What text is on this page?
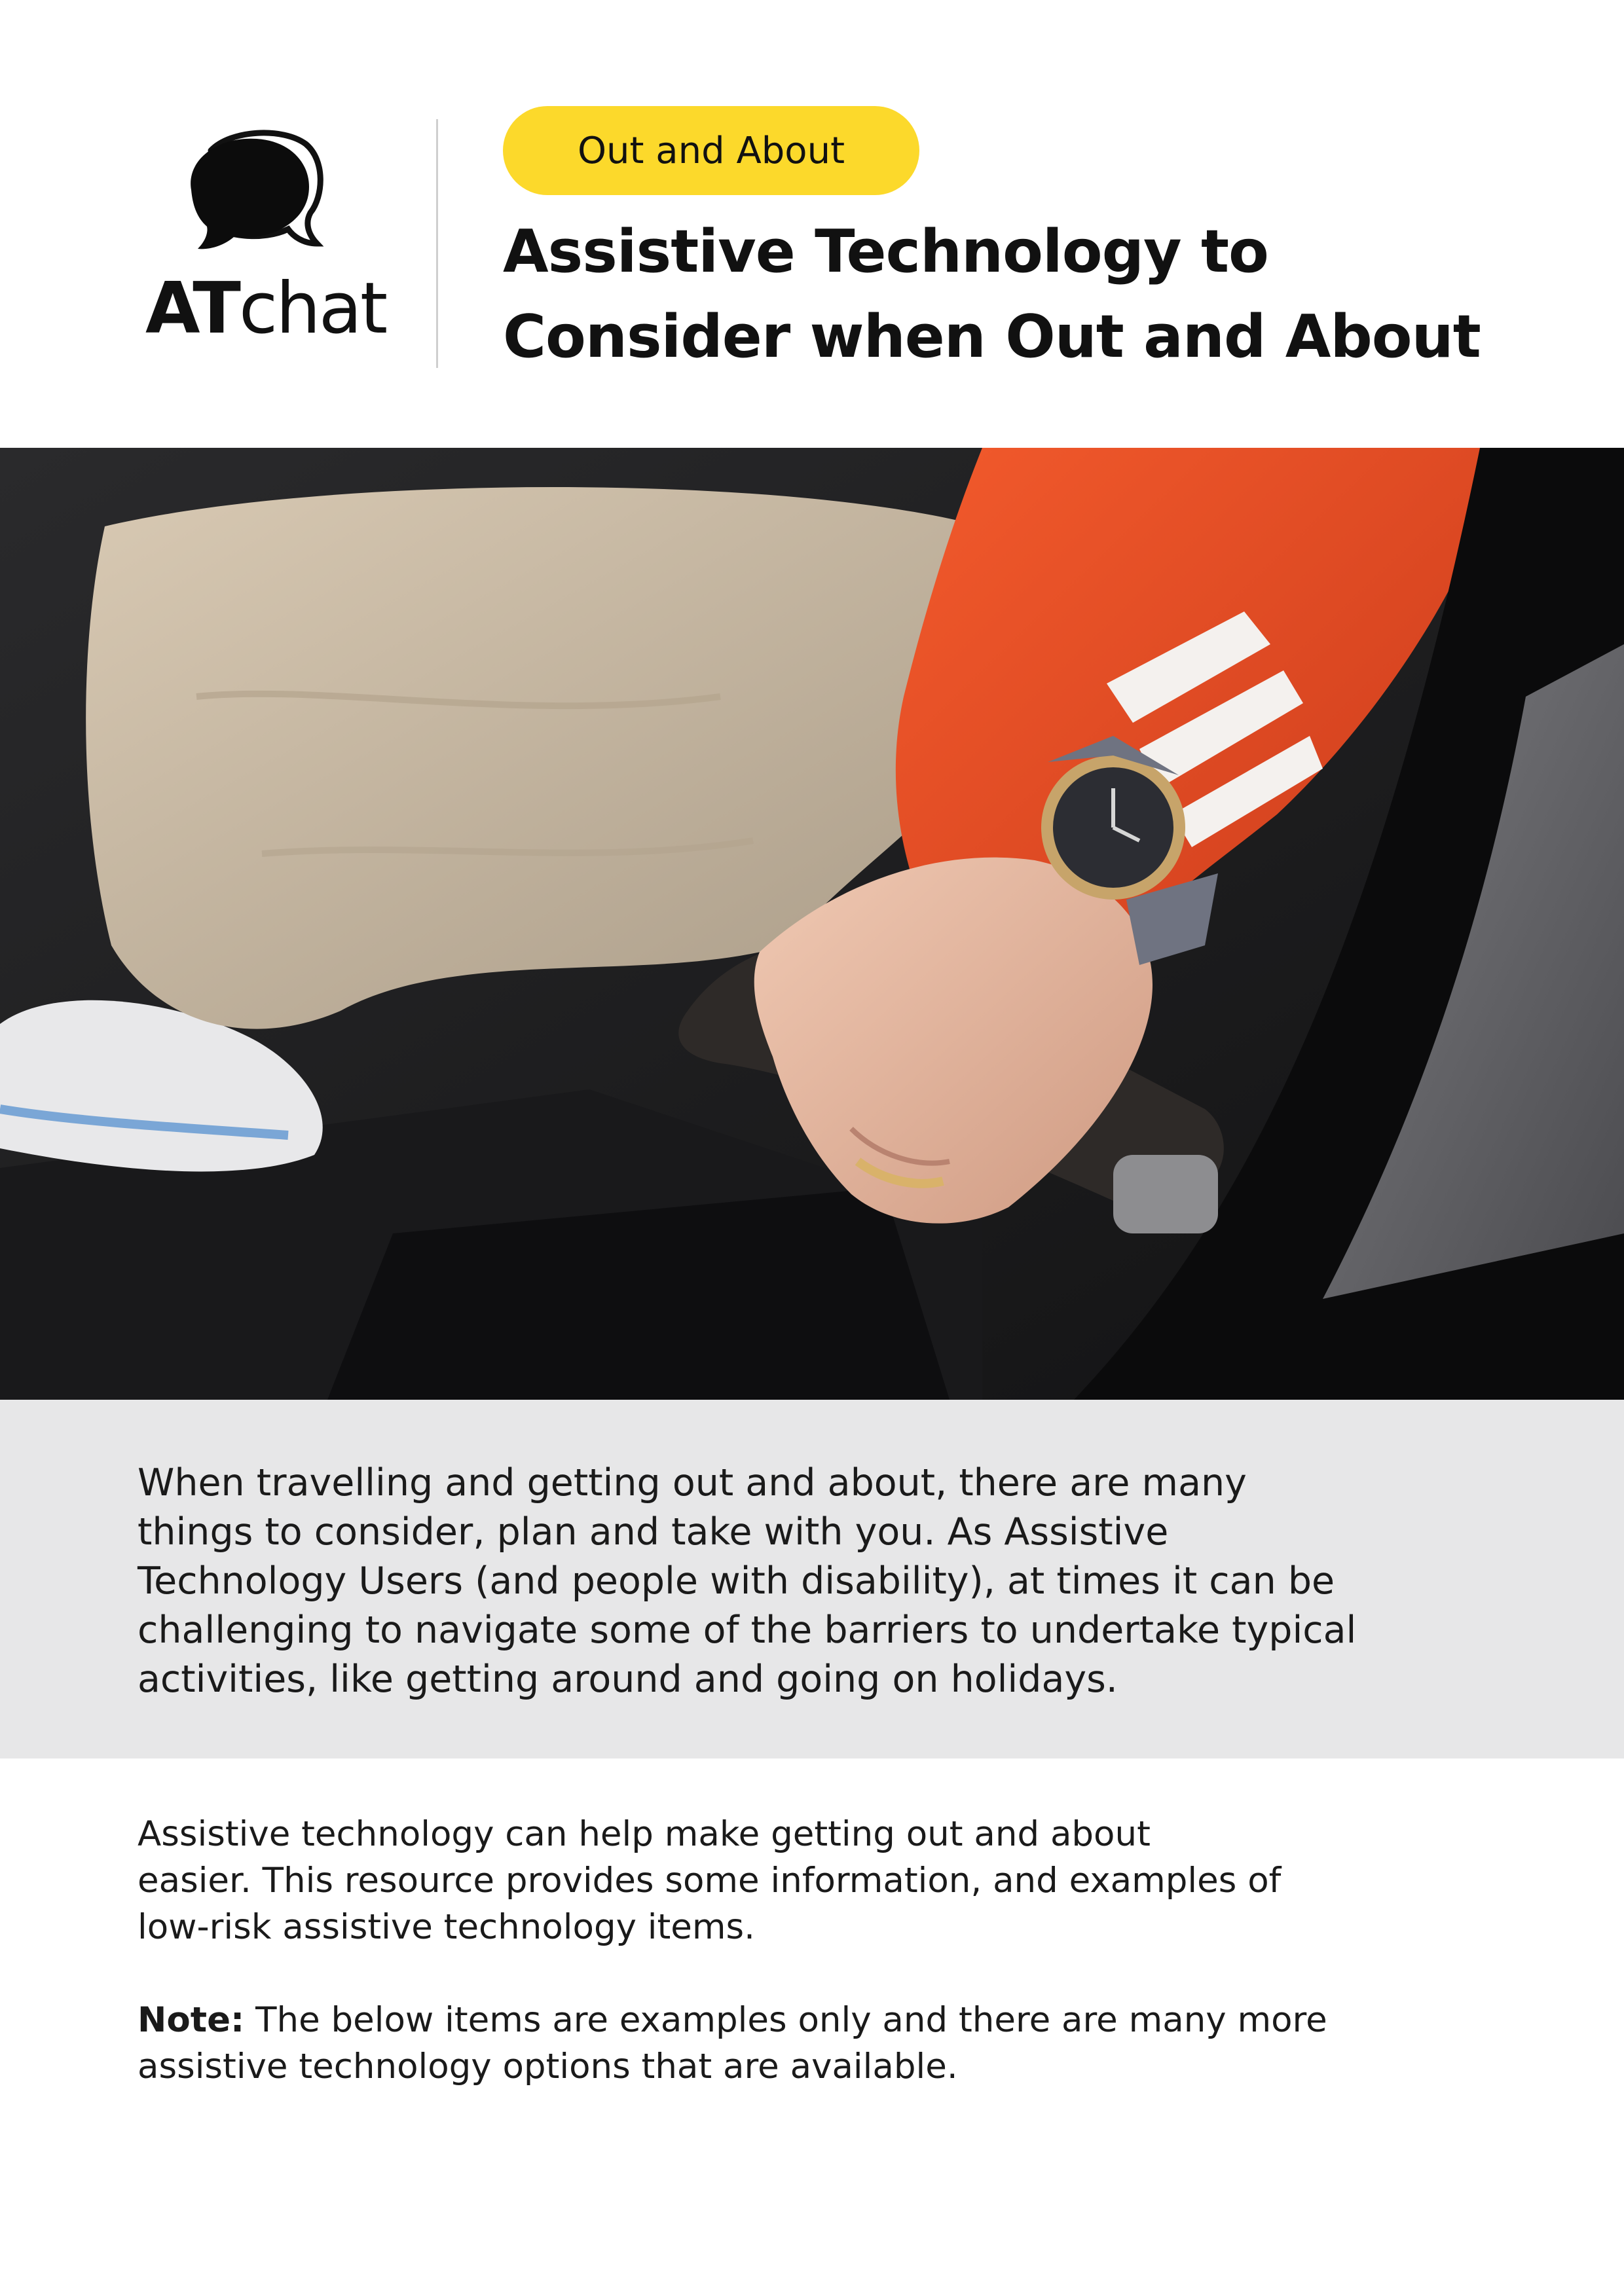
ATchat
Out and About
Assistive Technology to
Consider when Out and About

When travelling and getting out and about, there are many
things to consider, plan and take with you. As Assistive
Technology Users (and people with disability), at times it can be
challenging to navigate some of the barriers to undertake typical
activities, like getting around and going on holidays.

Assistive technology can help make getting out and about
easier. This resource provides some information, and examples of
low-risk assistive technology items.

Note: The below items are examples only and there are many more
assistive technology options that are available.
